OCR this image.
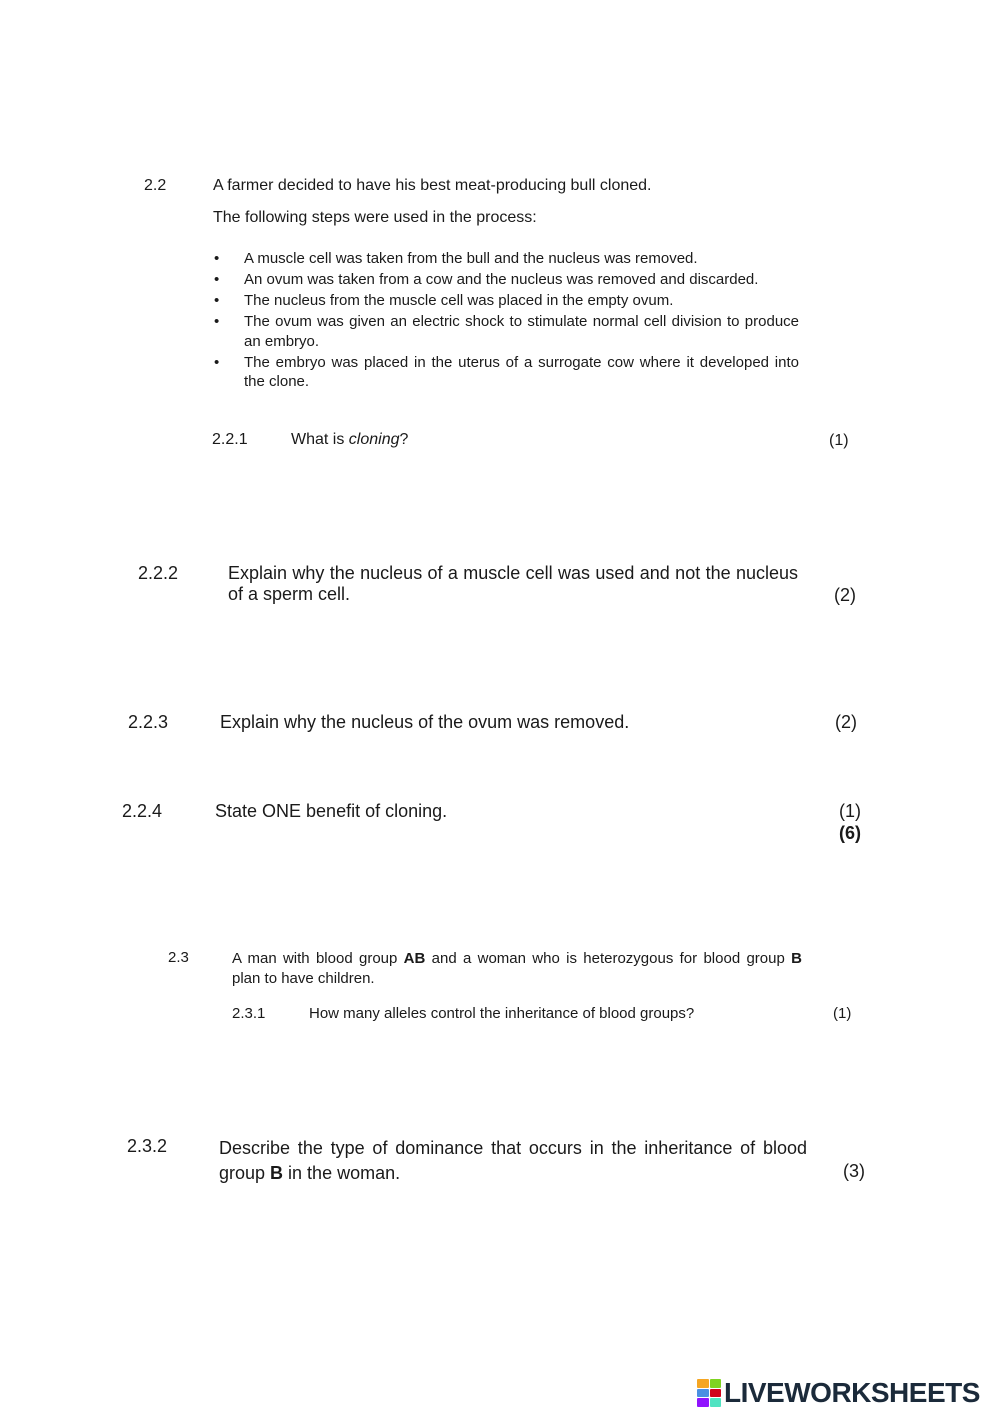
2.2	A farmer decided to have his best meat-producing bull cloned.
The following steps were used in the process:
• A muscle cell was taken from the bull and the nucleus was removed.
• An ovum was taken from a cow and the nucleus was removed and discarded.
• The nucleus from the muscle cell was placed in the empty ovum.
• The ovum was given an electric shock to stimulate normal cell division to produce an embryo.
• The embryo was placed in the uterus of a surrogate cow where it developed into the clone.
2.2.1	What is cloning?	(1)
2.2.2	Explain why the nucleus of a muscle cell was used and not the nucleus of a sperm cell.	(2)
2.2.3	Explain why the nucleus of the ovum was removed.	(2)
2.2.4	State ONE benefit of cloning.	(1)
(6)
2.3	A man with blood group AB and a woman who is heterozygous for blood group B plan to have children.
2.3.1	How many alleles control the inheritance of blood groups?	(1)
2.3.2	Describe the type of dominance that occurs in the inheritance of blood group B in the woman.	(3)
LIVEWORKSHEETS
